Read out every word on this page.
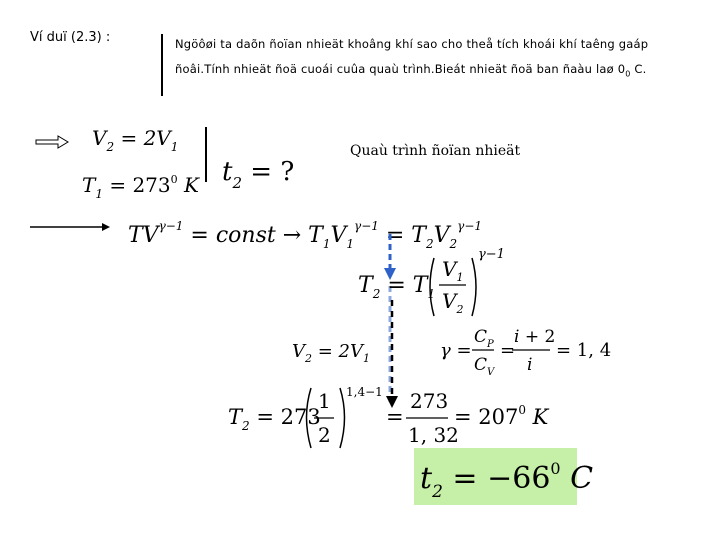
Ví duï (2.3) :	Ngöôøi ta daõn ñoïan nhieät khoâng khí sao cho theå tích khoái khí taêng gaáp
ñoâi.Tính nhieät ñoä cuoái cuûa quaù trình.Bieát nhieät ñoä ban ñaàu laø $0_0$ C.
Quaù trình ñoïan nhieät
$V_2 = 2V_1$
$T_1 = 273^0$ K $t_2$ = ?
$TV^{\gamma-1}$ = const → $T_1V_1^{\gamma-1} = T_2V_2^{\gamma-1}$
$T_2 = T_1$
$V_1$
$V_2$
γ−1
$V_2 = 2V_1$	γ =
$C_P$
$C_V$
=
i + 2
i
= 1, 4
$T_2 = 273$
1
2
1,4−1
=
273
1, 32
= $207^0$ K
$t_2 = -66^0$ C
